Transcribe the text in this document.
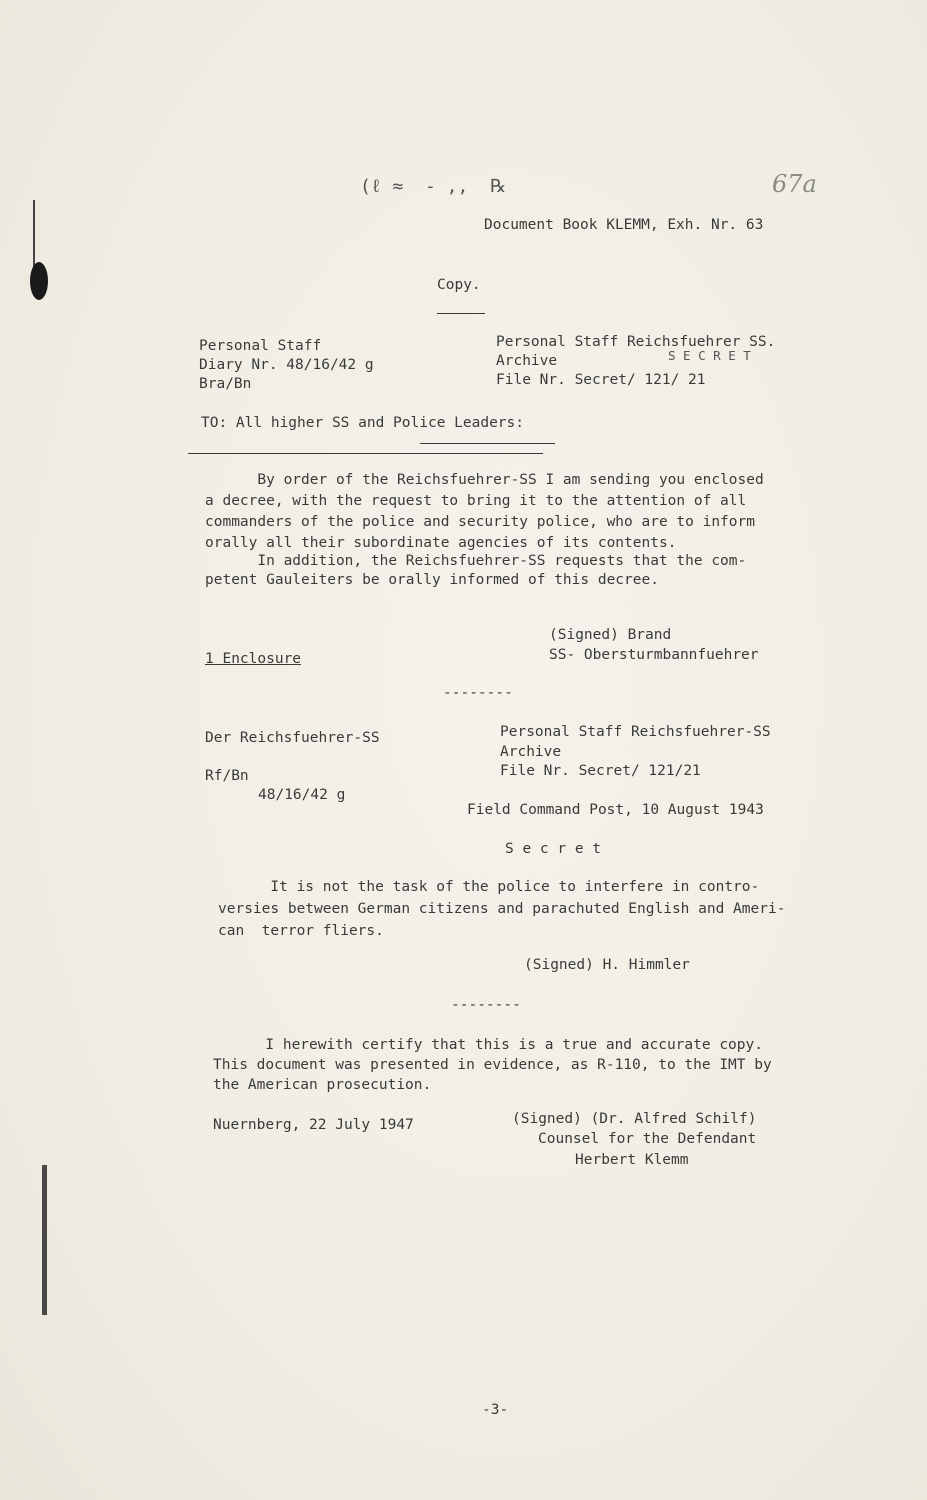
(ℓ ≈  - ,,  ℞	67a
Document Book KLEMM, Exh. Nr. 63
Copy.
Personal Staff
Diary Nr. 48/16/42 g
Bra/Bn
Personal Staff Reichsfuehrer SS.
Archive
File Nr. Secret/ 121/ 21
S E C R E T
TO: All higher SS and Police Leaders:
By order of the Reichsfuehrer-SS I am sending you enclosed
a decree, with the request to bring it to the attention of all
commanders of the police and security police, who are to inform
orally all their subordinate agencies of its contents.
In addition, the Reichsfuehrer-SS requests that the com-
petent Gauleiters be orally informed of this decree.
(Signed) Brand
SS- Obersturmbannfuehrer
1 Enclosure
--------
Der Reichsfuehrer-SS
Rf/Bn
48/16/42 g
Personal Staff Reichsfuehrer-SS
Archive
File Nr. Secret/ 121/21
Field Command Post, 10 August 1943
S e c r e t
It is not the task of the police to interfere in contro-
versies between German citizens and parachuted English and Ameri-
can  terror fliers.
(Signed) H. Himmler
--------
I herewith certify that this is a true and accurate copy.
This document was presented in evidence, as R-110, to the IMT by
the American prosecution.
Nuernberg, 22 July 1947	(Signed) (Dr. Alfred Schilf)
Counsel for the Defendant
Herbert Klemm
-3-
